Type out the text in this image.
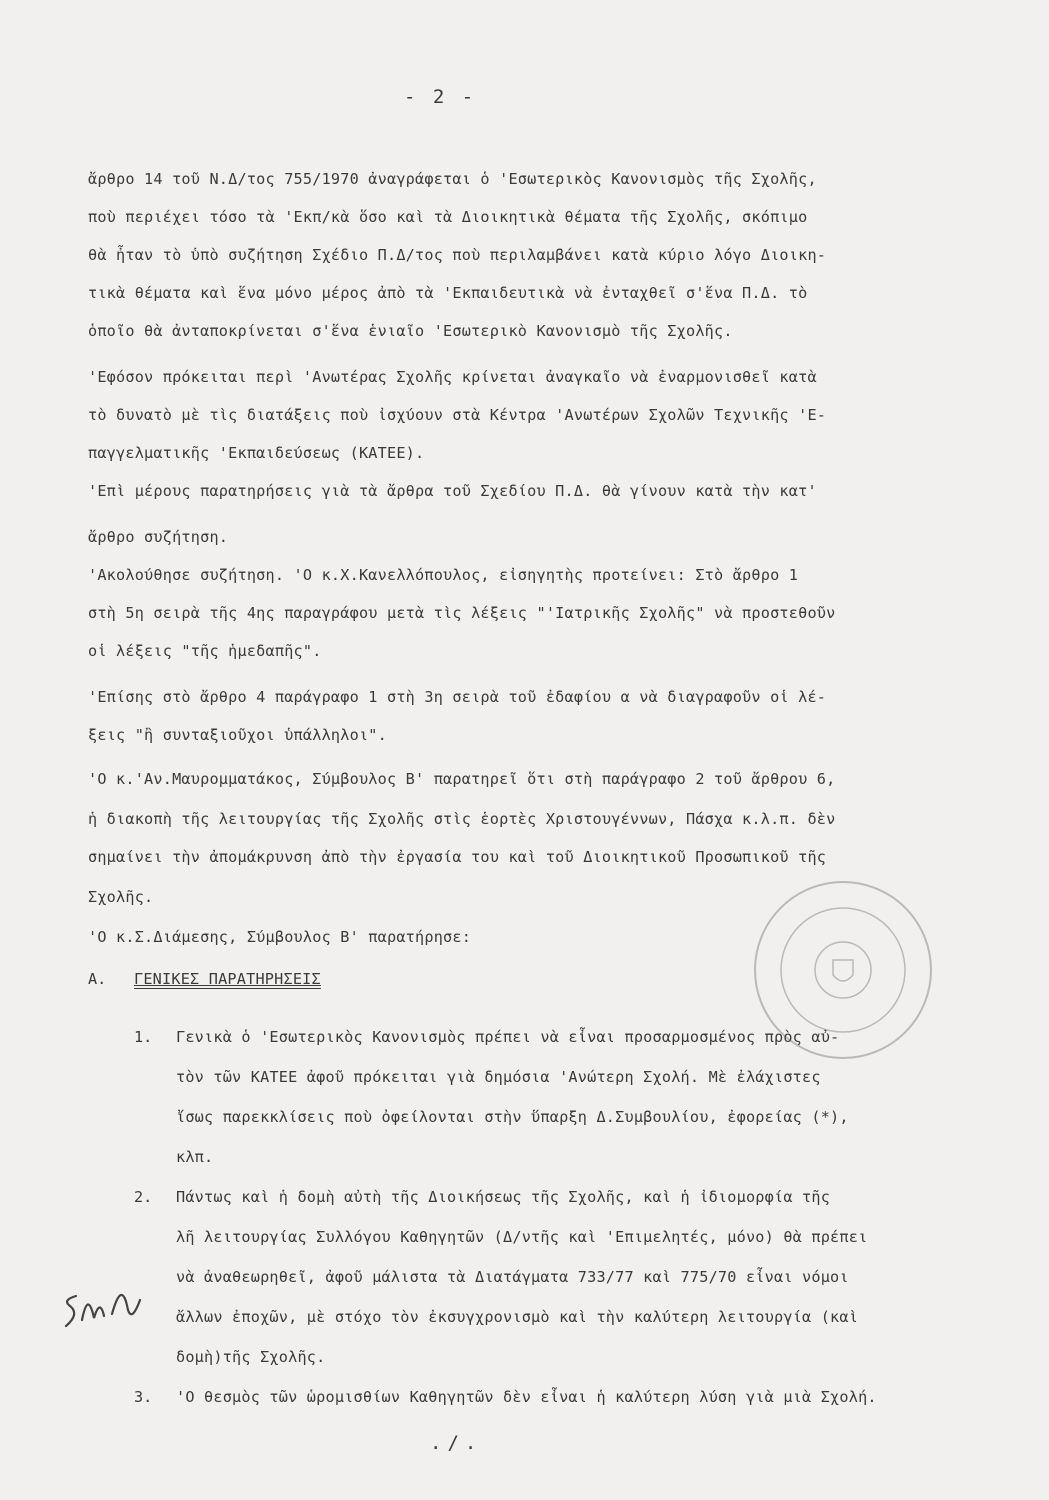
- 2 -
ἄρθρο 14 τοῦ Ν.Δ/τος 755/1970 ἀναγράφεται ὁ 'Εσωτερικὸς Κανονισμὸς τῆς Σχολῆς,
ποὺ περιέχει τόσο τὰ 'Εκπ/κὰ ὅσο καὶ τὰ Διοικητικὰ θέματα τῆς Σχολῆς, σκόπιμο
θὰ ἦταν τὸ ὑπὸ συζήτηση Σχέδιο Π.Δ/τος ποὺ περιλαμβάνει κατὰ κύριο λόγο Διοικη-
τικὰ θέματα καὶ ἕνα μόνο μέρος ἀπὸ τὰ 'Εκπαιδευτικὰ νὰ ἐνταχθεῖ σ'ἕνα Π.Δ. τὸ
ὁποῖο θὰ ἀνταποκρίνεται σ'ἕνα ἑνιαῖο 'Εσωτερικὸ Κανονισμὸ τῆς Σχολῆς.
'Εφόσον πρόκειται περὶ 'Ανωτέρας Σχολῆς κρίνεται ἀναγκαῖο νὰ ἐναρμονισθεῖ κατὰ
τὸ δυνατὸ μὲ τὶς διατάξεις ποὺ ἰσχύουν στὰ Κέντρα 'Ανωτέρων Σχολῶν Τεχνικῆς 'Ε-
παγγελματικῆς 'Εκπαιδεύσεως (ΚΑΤΕΕ).
'Επὶ μέρους παρατηρήσεις γιὰ τὰ ἄρθρα τοῦ Σχεδίου Π.Δ. θὰ γίνουν κατὰ τὴν κατ'
ἄρθρο συζήτηση.
'Ακολούθησε συζήτηση. 'Ο κ.Χ.Κανελλόπουλος, εἰσηγητὴς προτείνει: Στὸ ἄρθρο 1
στὴ 5η σειρὰ τῆς 4ης παραγράφου μετὰ τὶς λέξεις "'Ιατρικῆς Σχολῆς" νὰ προστεθοῦν
οἱ λέξεις "τῆς ἡμεδαπῆς".
'Επίσης στὸ ἄρθρο 4 παράγραφο 1 στὴ 3η σειρὰ τοῦ ἐδαφίου α νὰ διαγραφοῦν οἱ λέ-
ξεις "ἢ συνταξιοῦχοι ὑπάλληλοι".
'Ο κ.'Αν.Μαυρομματάκος, Σύμβουλος Β' παρατηρεῖ ὅτι στὴ παράγραφο 2 τοῦ ἄρθρου 6,
ἡ διακοπὴ τῆς λειτουργίας τῆς Σχολῆς στὶς ἑορτὲς Χριστουγέννων, Πάσχα κ.λ.π. δὲν
σημαίνει τὴν ἀπομάκρυνση ἀπὸ τὴν ἐργασία του καὶ τοῦ Διοικητικοῦ Προσωπικοῦ τῆς
Σχολῆς.
'Ο κ.Σ.Διάμεσης, Σύμβουλος Β' παρατήρησε:
Α. ΓΕΝΙΚΕΣ ΠΑΡΑΤΗΡΗΣΕΙΣ
1. Γενικὰ ὁ 'Εσωτερικὸς Κανονισμὸς πρέπει νὰ εἶναι προσαρμοσμένος πρὸς αὐ-
τὸν τῶν ΚΑΤΕΕ ἀφοῦ πρόκειται γιὰ δημόσια 'Ανώτερη Σχολή. Μὲ ἐλάχιστες
ἴσως παρεκκλίσεις ποὺ ὀφείλονται στὴν ὕπαρξη Δ.Συμβουλίου, ἐφορείας (*),
κλπ.
2. Πάντως καὶ ἡ δομὴ αὐτὴ τῆς Διοικήσεως τῆς Σχολῆς, καὶ ἡ ἰδιομορφία τῆς
λῆ λειτουργίας Συλλόγου Καθηγητῶν (Δ/ντῆς καὶ 'Επιμελητές, μόνο) θὰ πρέπει
νὰ ἀναθεωρηθεῖ, ἀφοῦ μάλιστα τὰ Διατάγματα 733/77 καὶ 775/70 εἶναι νόμοι
ἄλλων ἐποχῶν, μὲ στόχο τὸν ἐκσυγχρονισμὸ καὶ τὴν καλύτερη λειτουργία (καὶ
δομὴ)τῆς Σχολῆς.
3. 'Ο θεσμὸς τῶν ὡρομισθίων Καθηγητῶν δὲν εἶναι ἡ καλύτερη λύση γιὰ μιὰ Σχολή.
./.
